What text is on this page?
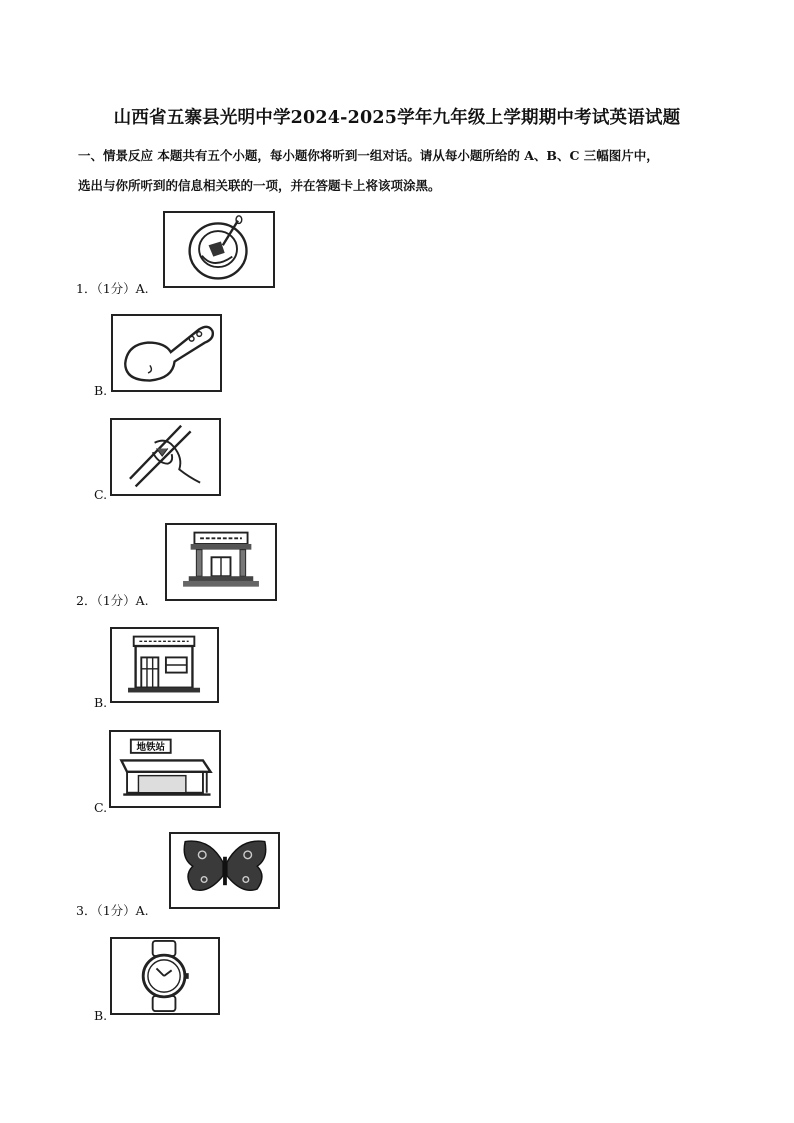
山西省五寨县光明中学2024-2025学年九年级上学期期中考试英语试题
一、情景反应 本题共有五个小题，每小题你将听到一组对话。请从每小题所给的 A、B、C 三幅图片中，
选出与你所听到的信息相关联的一项，并在答题卡上将该项涂黑。
1．（1分）A.
B.
C.
2．（1分）A.
B.
C.
地铁站
3．（1分）A.
B.
